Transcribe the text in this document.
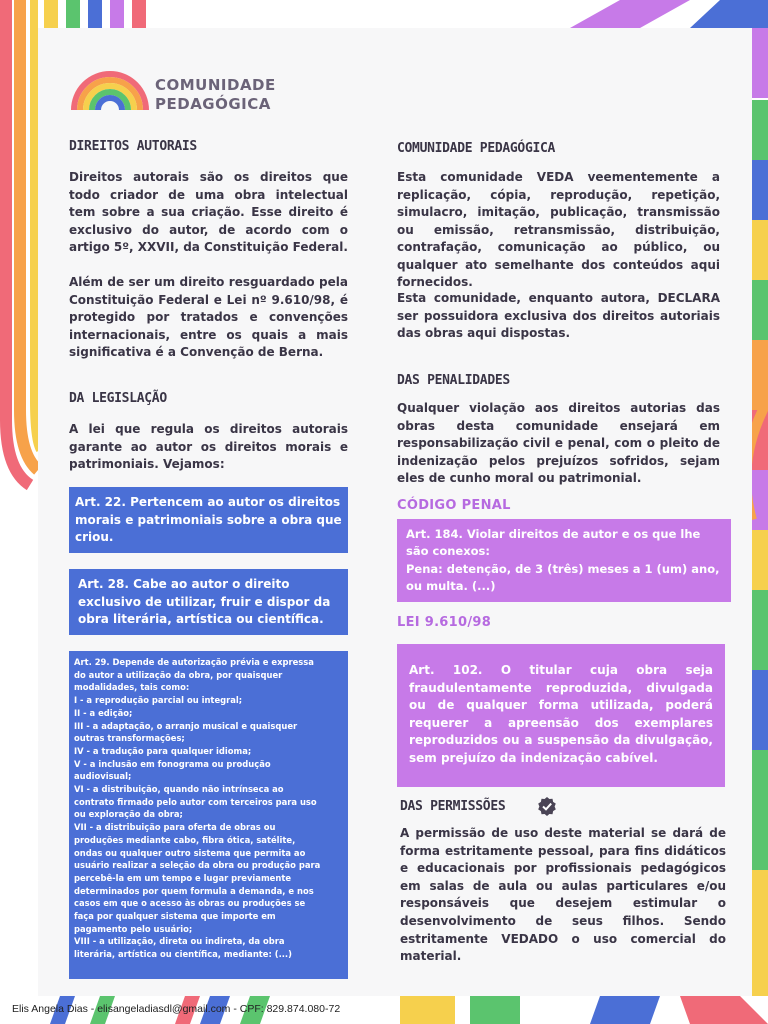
COMUNIDADE
PEDAGÓGICA
DIREITOS AUTORAIS
Direitos autorais são os direitos que todo criador de uma obra intelectual tem sobre a sua criação. Esse direito é exclusivo do autor, de acordo com o artigo 5º, XXVII, da Constituição Federal.
Além de ser um direito resguardado pela Constituição Federal e Lei nº 9.610/98, é protegido por tratados e convenções internacionais, entre os quais a mais significativa é a Convenção de Berna.
DA LEGISLAÇÃO
A lei que regula os direitos autorais garante ao autor os direitos morais e patrimoniais. Vejamos:
Art. 22. Pertencem ao autor os direitos morais e patrimoniais sobre a obra que criou.
Art. 28. Cabe ao autor o direito exclusivo de utilizar, fruir e dispor da obra literária, artística ou científica.
Art. 29. Depende de autorização prévia e expressa
do autor a utilização da obra, por quaisquer
modalidades, tais como:
I - a reprodução parcial ou integral;
II - a edição;
III - a adaptação, o arranjo musical e quaisquer
outras transformações;
IV - a tradução para qualquer idioma;
V - a inclusão em fonograma ou produção
audiovisual;
VI - a distribuição, quando não intrínseca ao
contrato firmado pelo autor com terceiros para uso
ou exploração da obra;
VII - a distribuição para oferta de obras ou
produções mediante cabo, fibra ótica, satélite,
ondas ou qualquer outro sistema que permita ao
usuário realizar a seleção da obra ou produção para
percebê-la em um tempo e lugar previamente
determinados por quem formula a demanda, e nos
casos em que o acesso às obras ou produções se
faça por qualquer sistema que importe em
pagamento pelo usuário;
VIII - a utilização, direta ou indireta, da obra
literária, artística ou científica, mediante: (...)
COMUNIDADE PEDAGÓGICA
Esta comunidade VEDA veementemente a replicação, cópia, reprodução, repetição, simulacro, imitação, publicação, transmissão ou emissão, retransmissão, distribuição, contrafação, comunicação ao público, ou qualquer ato semelhante dos conteúdos aqui fornecidos.
Esta comunidade, enquanto autora, DECLARA ser possuidora exclusiva dos direitos autoriais das obras aqui dispostas.
DAS PENALIDADES
Qualquer violação aos direitos autorias das obras desta comunidade ensejará em responsabilização civil e penal, com o pleito de indenização pelos prejuízos sofridos, sejam eles de cunho moral ou patrimonial.
CÓDIGO PENAL
Art. 184. Violar direitos de autor e os que lhe são conexos:
Pena: detenção, de 3 (três) meses a 1 (um) ano, ou multa. (...)
LEI 9.610/98
Art. 102. O titular cuja obra seja fraudulentamente reproduzida, divulgada ou de qualquer forma utilizada, poderá requerer a apreensão dos exemplares reproduzidos ou a suspensão da divulgação, sem prejuízo da indenização cabível.
DAS PERMISSÕES
A permissão de uso deste material se dará de forma estritamente pessoal, para fins didáticos e educacionais por profissionais pedagógicos em salas de aula ou aulas particulares e/ou responsáveis que desejem estimular o desenvolvimento de seus filhos. Sendo estritamente VEDADO o uso comercial do material.
Elis Angela Dias - elisangeladiasdl@gmail.com - CPF: 829.874.080-72
